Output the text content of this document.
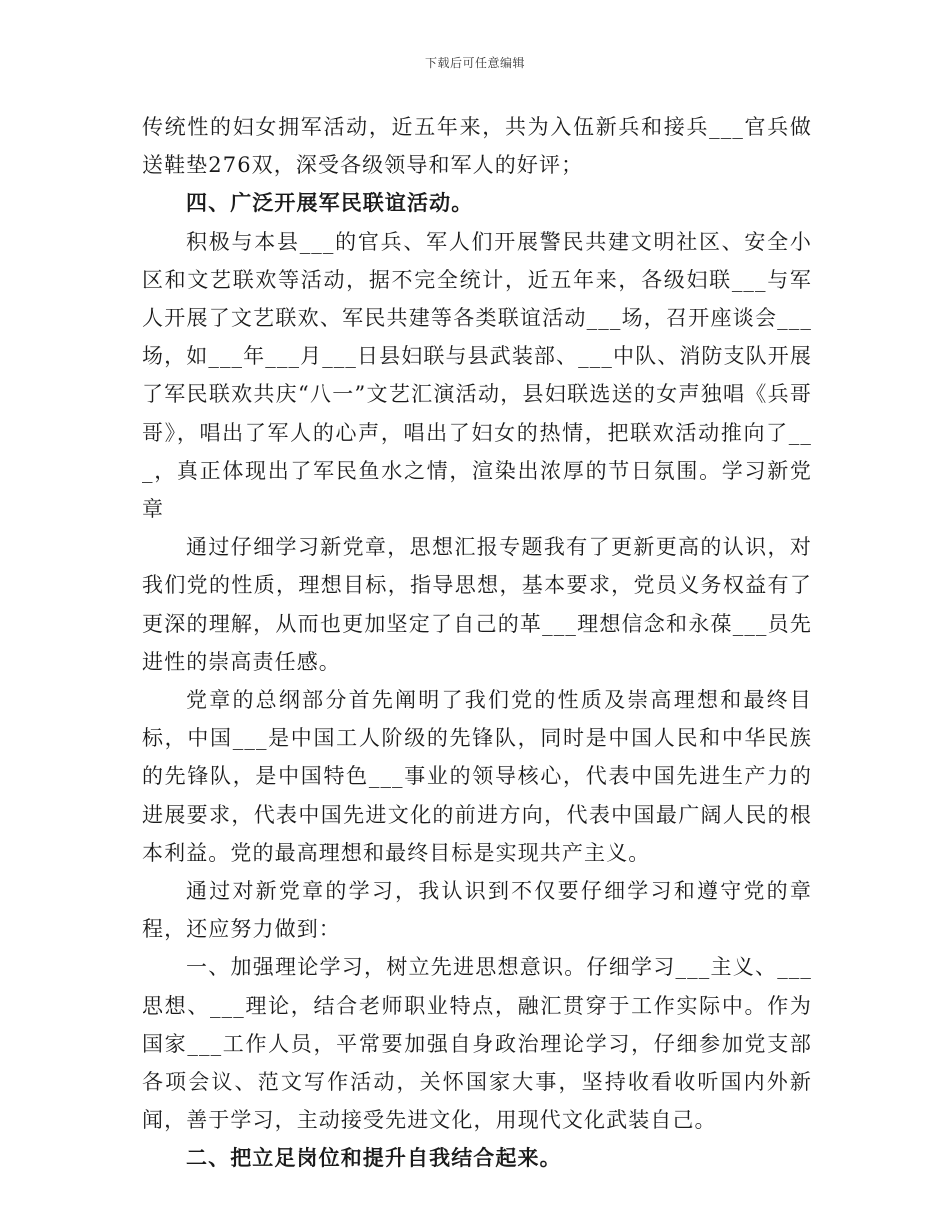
下载后可任意编辑

传统性的妇女拥军活动，近五年来，共为入伍新兵和接兵___官兵做送鞋垫276双，深受各级领导和军人的好评；

四、广泛开展军民联谊活动。

积极与本县___的官兵、军人们开展警民共建文明社区、安全小区和文艺联欢等活动，据不完全统计，近五年来，各级妇联___与军人开展了文艺联欢、军民共建等各类联谊活动___场，召开座谈会___场，如___年___月___日县妇联与县武装部、___中队、消防支队开展了军民联欢共庆“八一”文艺汇演活动，县妇联选送的女声独唱《兵哥哥》，唱出了军人的心声，唱出了妇女的热情，把联欢活动推向了___，真正体现出了军民鱼水之情，渲染出浓厚的节日氛围。学习新党章

通过仔细学习新党章，思想汇报专题我有了更新更高的认识，对我们党的性质，理想目标，指导思想，基本要求，党员义务权益有了更深的理解，从而也更加坚定了自己的革___理想信念和永葆___员先进性的崇高责任感。

党章的总纲部分首先阐明了我们党的性质及崇高理想和最终目标，中国___是中国工人阶级的先锋队，同时是中国人民和中华民族的先锋队，是中国特色___事业的领导核心，代表中国先进生产力的进展要求，代表中国先进文化的前进方向，代表中国最广阔人民的根本利益。党的最高理想和最终目标是实现共产主义。

通过对新党章的学习，我认识到不仅要仔细学习和遵守党的章程，还应努力做到：

一、加强理论学习，树立先进思想意识。仔细学习___主义、___思想、___理论，结合老师职业特点，融汇贯穿于工作实际中。作为国家___工作人员，平常要加强自身政治理论学习，仔细参加党支部各项会议、范文写作活动，关怀国家大事，坚持收看收听国内外新闻，善于学习，主动接受先进文化，用现代文化武装自己。

二、把立足岗位和提升自我结合起来。
